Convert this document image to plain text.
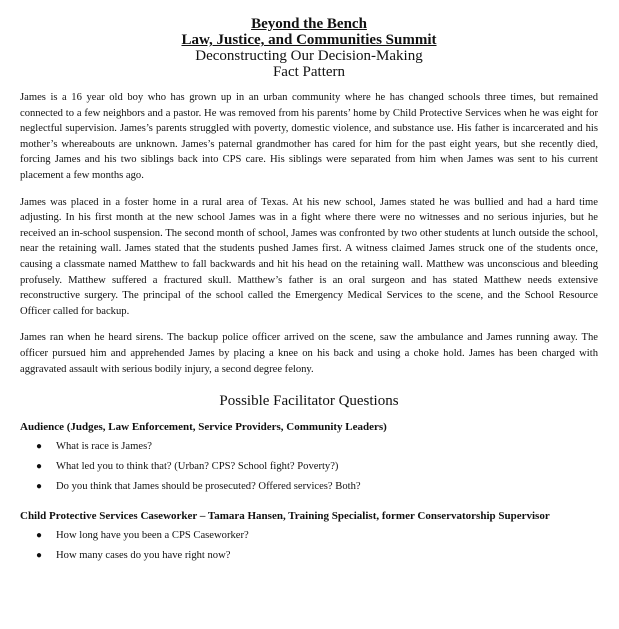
Beyond the Bench
Law, Justice, and Communities Summit
Deconstructing Our Decision-Making
Fact Pattern

James is a 16 year old boy who has grown up in an urban community where he has changed schools three times, but remained connected to a few neighbors and a pastor. He was removed from his parents’ home by Child Protective Services when he was eight for neglectful supervision. James’s parents struggled with poverty, domestic violence, and substance use. His father is incarcerated and his mother’s whereabouts are unknown. James’s paternal grandmother has cared for him for the past eight years, but she recently died, forcing James and his two siblings back into CPS care. His siblings were separated from him when James was sent to his current placement a few months ago.

James was placed in a foster home in a rural area of Texas. At his new school, James stated he was bullied and had a hard time adjusting. In his first month at the new school James was in a fight where there were no witnesses and no serious injuries, but he received an in-school suspension. The second month of school, James was confronted by two other students at lunch outside the school, near the retaining wall. James stated that the students pushed James first. A witness claimed James struck one of the students once, causing a classmate named Matthew to fall backwards and hit his head on the retaining wall. Matthew was unconscious and bleeding profusely. Matthew suffered a fractured skull. Matthew’s father is an oral surgeon and has stated Matthew needs extensive reconstructive surgery. The principal of the school called the Emergency Medical Services to the scene, and the School Resource Officer called for backup.

James ran when he heard sirens. The backup police officer arrived on the scene, saw the ambulance and James running away. The officer pursued him and apprehended James by placing a knee on his back and using a choke hold. James has been charged with aggravated assault with serious bodily injury, a second degree felony.

Possible Facilitator Questions

Audience (Judges, Law Enforcement, Service Providers, Community Leaders)

● What is race is James?
● What led you to think that? (Urban? CPS? School fight? Poverty?)
● Do you think that James should be prosecuted? Offered services? Both?

Child Protective Services Caseworker – Tamara Hansen, Training Specialist, former Conservatorship Supervisor

● How long have you been a CPS Caseworker?
● How many cases do you have right now?
